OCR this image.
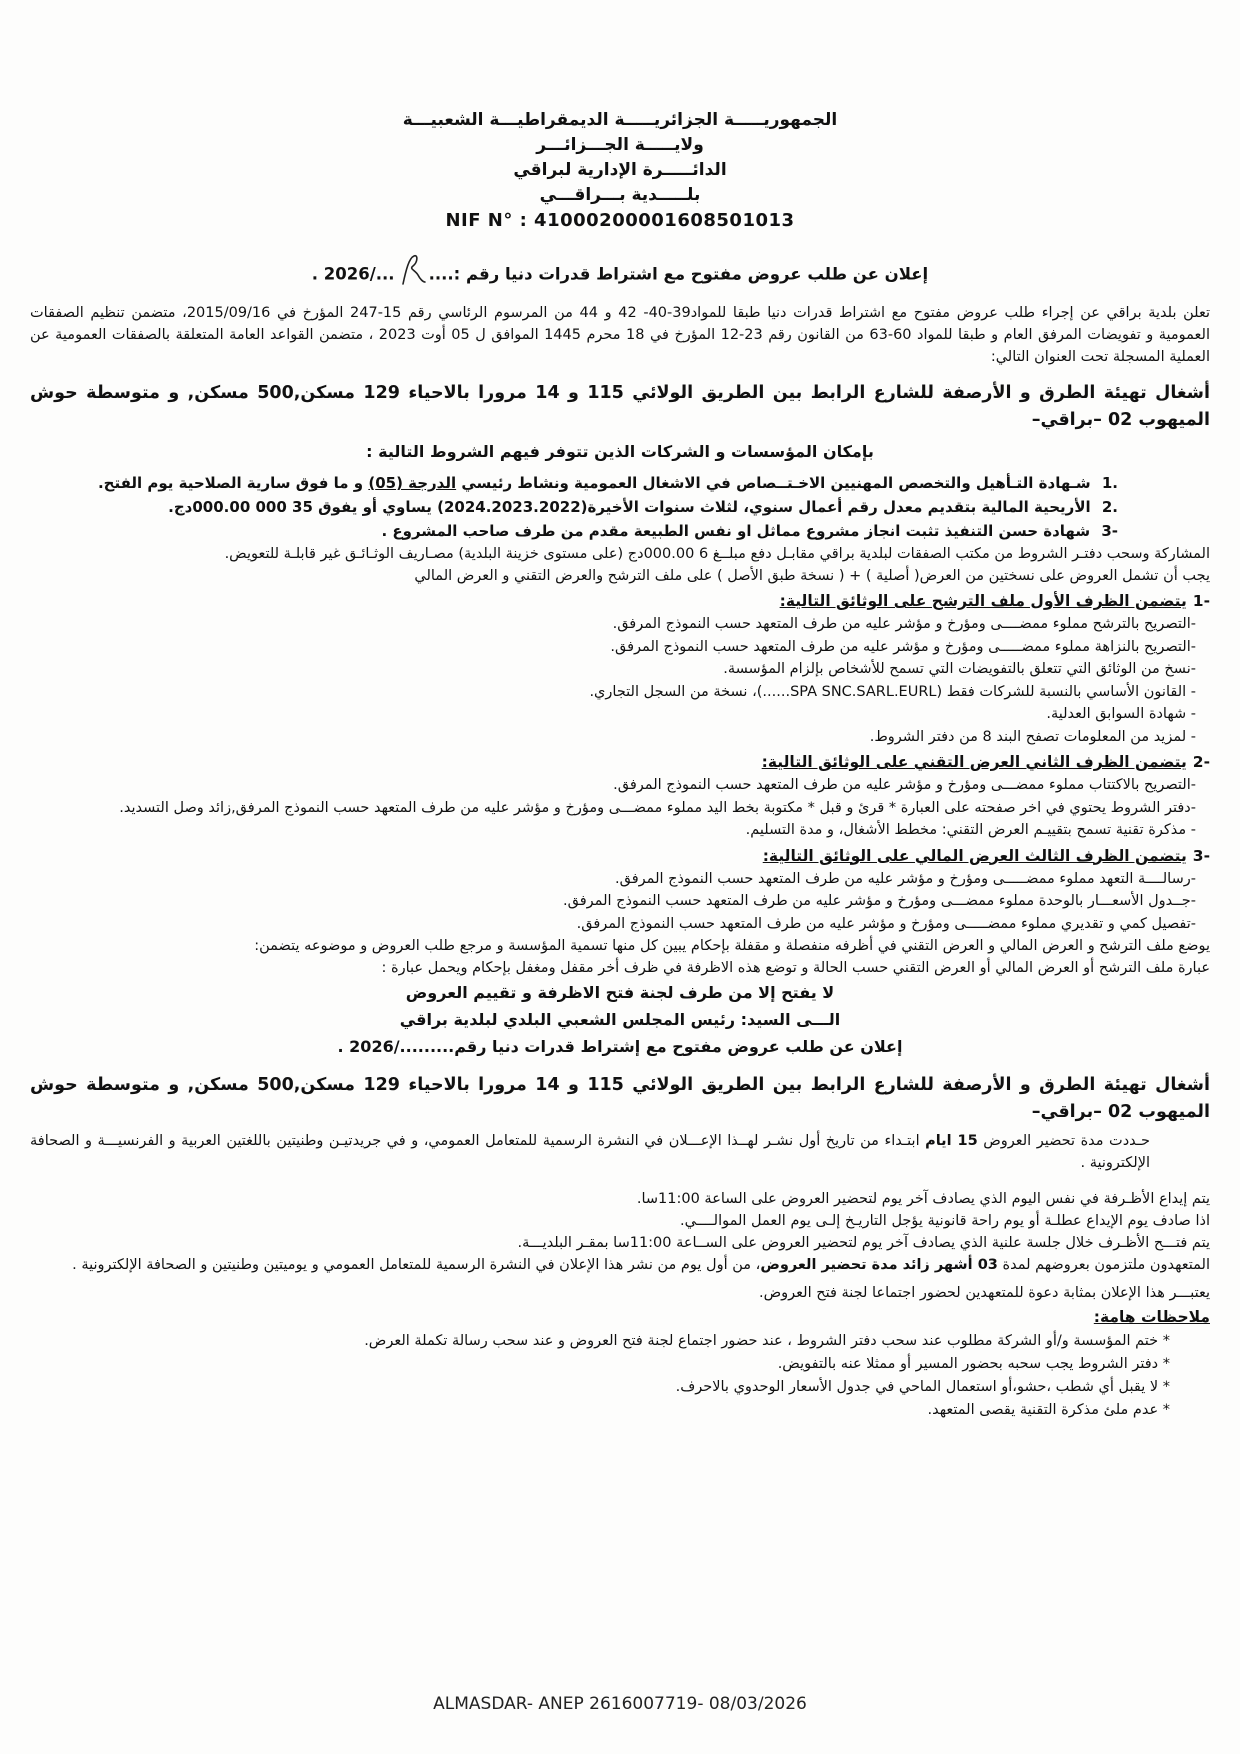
الجمهوريـــــة الجزائريـــــة الديمقراطيـــة الشعبيـــة
ولايـــــة الجـــزائـــر
الدائـــــرة الإدارية لبراقي
بلـــــدية بـــراقـــي
NIF N° : 41000200001608501013
إعلان عن طلب عروض مفتوح مع اشتراط قدرات دنيا رقم :......./2026 .
تعلن بلدية براقي عن إجراء طلب عروض مفتوح مع اشتراط قدرات دنيا طبقا للمواد39-40- 42 و 44 من المرسوم الرئاسي رقم 15-247 المؤرخ في 2015/09/16، متضمن تنظيم الصفقات العمومية و تفويضات المرفق العام و طبقا للمواد 60-63 من القانون رقم 23-12 المؤرخ في 18 محرم 1445 الموافق ل 05 أوت 2023 ، متضمن القواعد العامة المتعلقة بالصفقات العمومية عن العملية المسجلة تحت العنوان التالي:
أشغال تهيئة الطرق و الأرصفة للشارع الرابط بين الطريق الولائي 115 و 14 مرورا بالاحياء 129 مسكن,500 مسكن, و متوسطة حوش الميهوب 02 –براقي–
بإمكان المؤسسات و الشركات الذين تتوفر فيهم الشروط التالية :
1. شـهادة التـأهيل والتخصص المهنيين الاخـتــصاص في الاشغال العمومية ونشاط رئيسي الدرجة (05) و ما فوق سارية الصلاحية يوم الفتح.
2. الأريحية المالية بتقديم معدل رقم أعمال سنوي، لثلاث سنوات الأخيرة(2024.2023.2022) يساوي أو يفوق 35 000 000.00دج.
3- شهادة حسن التنفيذ تثبت انجاز مشروع مماثل او نفس الطبيعة مقدم من طرف صاحب المشروع .
المشاركة وسحب دفتـر الشروط من مكتب الصفقات لبلدية براقي مقابـل دفع مبلــغ 6 000.00دج (على مستوى خزينة البلدية) مصـاريف الوثـائـق غير قابلـة للتعويض.
يجب أن تشمل العروض على نسختين من العرض( أصلية ) + ( نسخة طبق الأصل ) على ملف الترشح والعرض التقني و العرض المالي
1-يتضمن الظرف الأول ملف الترشح على الوثائق التالية:
-التصريح بالترشح مملوء ممضــــى ومؤرخ و مؤشر عليه من طرف المتعهد حسب النموذج المرفق.
-التصريح بالنزاهة مملوء ممضـــــى ومؤرخ و مؤشر عليه من طرف المتعهد حسب النموذج المرفق.
-نسخ من الوثائق التي تتعلق بالتفويضات التي تسمح للأشخاص بإلزام المؤسسة.
- القانون الأساسي بالنسبة للشركات فقط (SPA SNC.SARL.EURL......)، نسخة من السجل التجاري.
- شهادة السوابق العدلية.
- لمزيد من المعلومات تصفح البند 8 من دفتر الشروط.
2-يتضمن الظرف الثاني العرض التقني على الوثائق التالية:
-التصريح بالاكتتاب مملوء ممضـــى ومؤرخ و مؤشر عليه من طرف المتعهد حسب النموذج المرفق.
-دفتر الشروط يحتوي في اخر صفحته على العبارة * قرئ و قبل * مكتوبة بخط اليد مملوء ممضـــى ومؤرخ و مؤشر عليه من طرف المتعهد حسب النموذج المرفق,زائد وصل التسديد.
- مذكرة تقنية تسمح بتقييـم العرض التقني: مخطط الأشغال، و مدة التسليم.
3-يتضمن الظرف الثالث العرض المالي على الوثائق التالية:
-رسالــــة التعهد مملوء ممضـــــى ومؤرخ و مؤشر عليه من طرف المتعهد حسب النموذج المرفق.
-جــدول الأسعـــار بالوحدة مملوء ممضـــى ومؤرخ و مؤشر عليه من طرف المتعهد حسب النموذج المرفق.
-تفصيل كمي و تقديري مملوء ممضـــــى ومؤرخ و مؤشر عليه من طرف المتعهد حسب النموذج المرفق.
يوضع ملف الترشح و العرض المالي و العرض التقني في أظرفه منفصلة و مقفلة بإحكام يبين كل منها تسمية المؤسسة و مرجع طلب العروض و موضوعه يتضمن:
عبارة ملف الترشح أو العرض المالي أو العرض التقني حسب الحالة و توضع هذه الاظرفة في ظرف أخر مقفل ومغفل بإحكام ويحمل عبارة :
لا يفتح إلا من طرف لجنة فتح الاظرفة و تقييم العروض
الـــى السيد: رئيس المجلس الشعبي البلدي لبلدية براقي
إعلان عن طلب عروض مفتوح مع إشتراط قدرات دنيا رقم........./2026 .
أشغال تهيئة الطرق و الأرصفة للشارع الرابط بين الطريق الولائي 115 و 14 مرورا بالاحياء 129 مسكن,500 مسكن, و متوسطة حوش الميهوب 02 –براقي–
حـددت مدة تحضير العروض 15 ايام ابتـداء من تاريخ أول نشـر لهــذا الإعـــلان في النشرة الرسمية للمتعامل العمومي، و في جريدتيـن وطنيتين باللغتين العربية و الفرنسيـــة و الصحافة الإلكترونية .
يتم إيداع الأظـرفة في نفس اليوم الذي يصادف آخر يوم لتحضير العروض على الساعة 11:00سا.
اذا صادف يوم الإيداع عطلـة أو يوم راحة قانونية يؤجل التاريـخ إلـى يوم العمل الموالــــي.
يتم فتـــح الأظـرف خلال جلسة علنية الذي يصادف آخر يوم لتحضير العروض على الســاعة 11:00سا بمقـر البلديـــة.
المتعهدون ملتزمون بعروضهم لمدة 03 أشهر زائد مدة تحضير العروض، من أول يوم من نشر هذا الإعلان في النشرة الرسمية للمتعامل العمومي و يوميتين وطنيتين و الصحافة الإلكترونية .
يعتبـــر هذا الإعلان بمثابة دعوة للمتعهدين لحضور اجتماعا لجنة فتح العروض.
ملاحظات هامة:
* ختم المؤسسة و/أو الشركة مطلوب عند سحب دفتر الشروط ، عند حضور اجتماع لجنة فتح العروض و عند سحب رسالة تكملة العرض.
* دفتر الشروط يجب سحبه بحضور المسير أو ممثلا عنه بالتفويض.
* لا يقبل أي شطب ،حشو،أو استعمال الماحي في جدول الأسعار الوحدوي بالاحرف.
* عدم ملئ مذكرة التقنية يقصى المتعهد.
ALMASDAR- ANEP 2616007719- 08/03/2026
